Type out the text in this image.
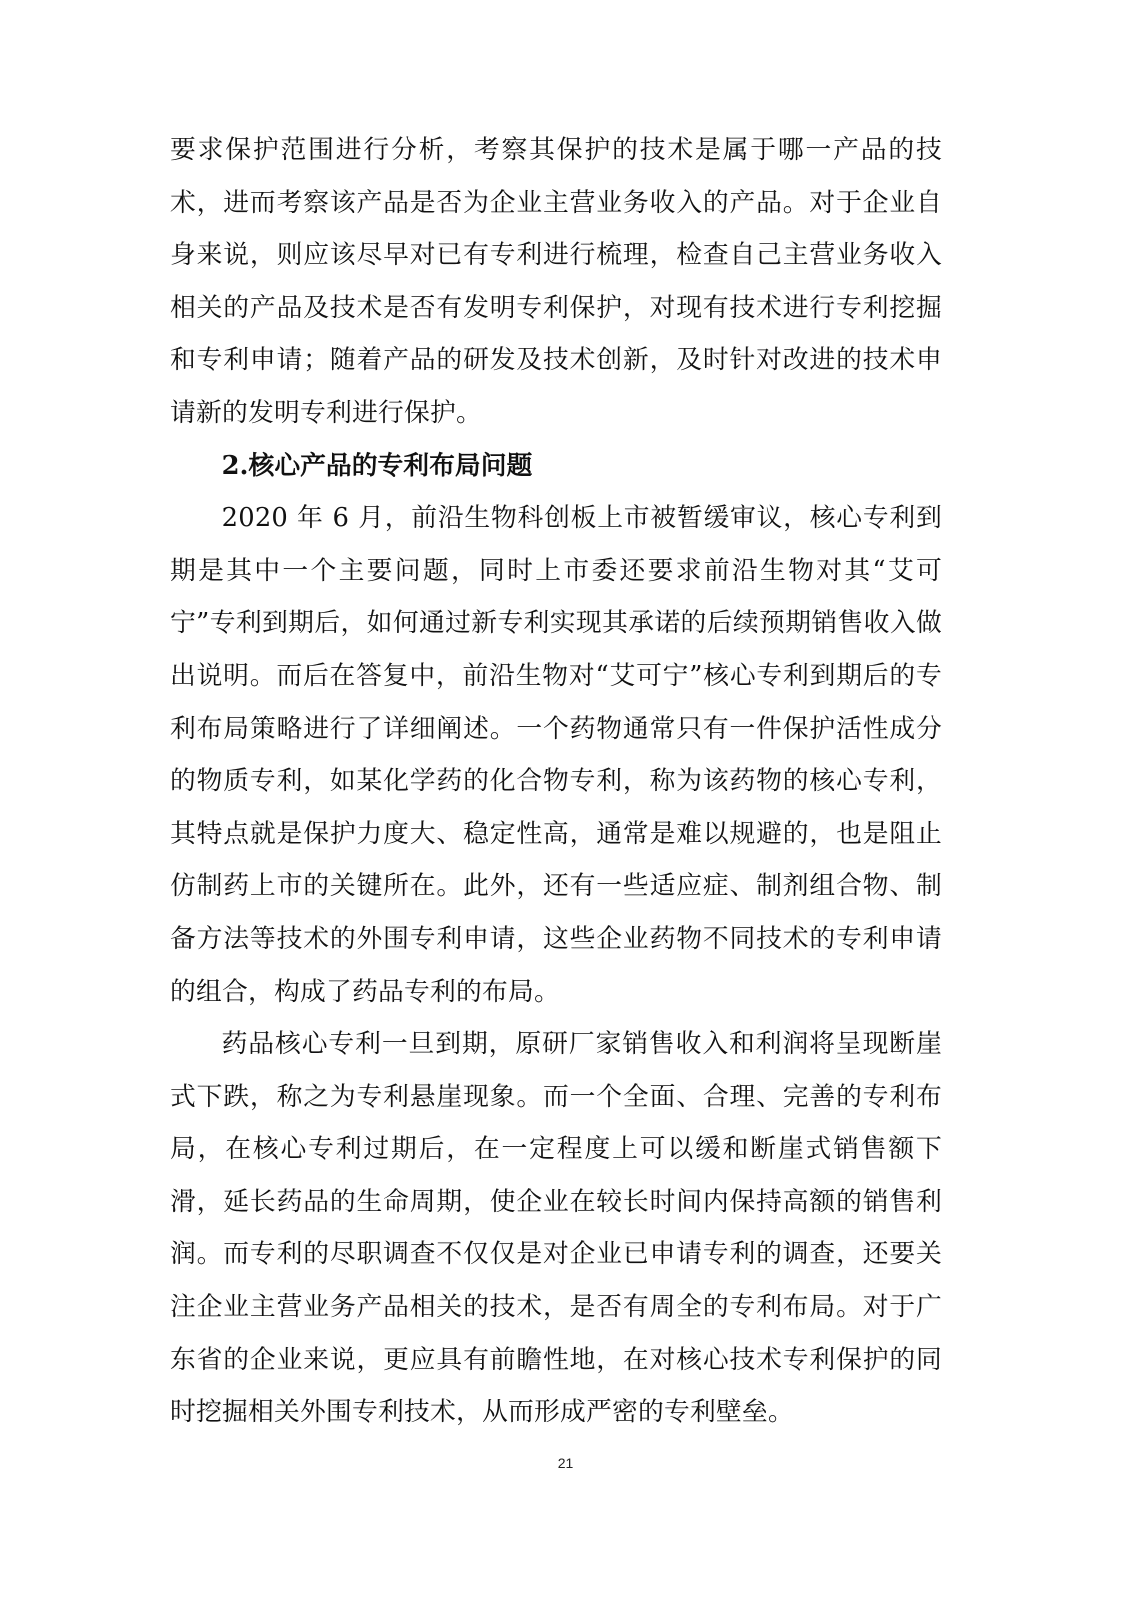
要求保护范围进行分析，考察其保护的技术是属于哪一产品的技术，进而考察该产品是否为企业主营业务收入的产品。对于企业自身来说，则应该尽早对已有专利进行梳理，检查自己主营业务收入相关的产品及技术是否有发明专利保护，对现有技术进行专利挖掘和专利申请；随着产品的研发及技术创新，及时针对改进的技术申请新的发明专利进行保护。

2.核心产品的专利布局问题

2020 年 6 月，前沿生物科创板上市被暂缓审议，核心专利到期是其中一个主要问题，同时上市委还要求前沿生物对其“艾可宁”专利到期后，如何通过新专利实现其承诺的后续预期销售收入做出说明。而后在答复中，前沿生物对“艾可宁”核心专利到期后的专利布局策略进行了详细阐述。一个药物通常只有一件保护活性成分的物质专利，如某化学药的化合物专利，称为该药物的核心专利，其特点就是保护力度大、稳定性高，通常是难以规避的，也是阻止仿制药上市的关键所在。此外，还有一些适应症、制剂组合物、制备方法等技术的外围专利申请，这些企业药物不同技术的专利申请的组合，构成了药品专利的布局。

药品核心专利一旦到期，原研厂家销售收入和利润将呈现断崖式下跌，称之为专利悬崖现象。而一个全面、合理、完善的专利布局，在核心专利过期后，在一定程度上可以缓和断崖式销售额下滑，延长药品的生命周期，使企业在较长时间内保持高额的销售利润。而专利的尽职调查不仅仅是对企业已申请专利的调查，还要关注企业主营业务产品相关的技术，是否有周全的专利布局。对于广东省的企业来说，更应具有前瞻性地，在对核心技术专利保护的同时挖掘相关外围专利技术，从而形成严密的专利壁垒。

21
